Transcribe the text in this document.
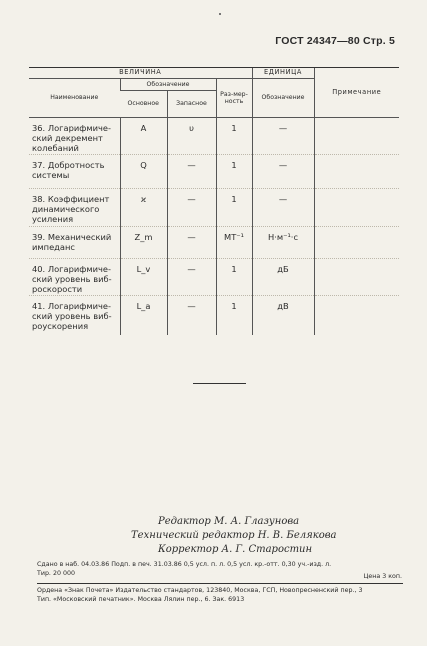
ГОСТ 24347—80 Стр. 5
ВЕЛИЧИНА				ЕДИНИЦА	Примечание
Наименование	Обозначение		Раз-мер-ность	Обозначение	
	Основное	Запасное			
36. Логарифмиче-ский декремент колебаний	A	υ	1	—	
37. Добротность системы	Q	—	1	—	
38. Коэффициент динамического усиления	ϰ	—	1	—	
39. Механический импеданс	Z_m	—	MT⁻¹	Н·м⁻¹·с	
40. Логарифмиче-ский уровень виб-роскорости	L_v	—	1	дБ	
41. Логарифмиче-ский уровень виб-роускорения	L_a	—	1	дВ	
Редактор М. А. Глазунова
Технический редактор Н. В. Белякова
Корректор А. Г. Старостин
Сдано в наб. 04.03.86 Подп. в печ. 31.03.86 0,5 усл. п. л. 0,5 усл. кр.-отт. 0,30 уч.-изд. л.
Тир. 20 000	Цена 3 коп.
Ордена «Знак Почета» Издательство стандартов, 123840, Москва, ГСП, Новопресненский пер., 3
Тип. «Московский печатник». Москва Лялин пер., 6. Зак. 6913
